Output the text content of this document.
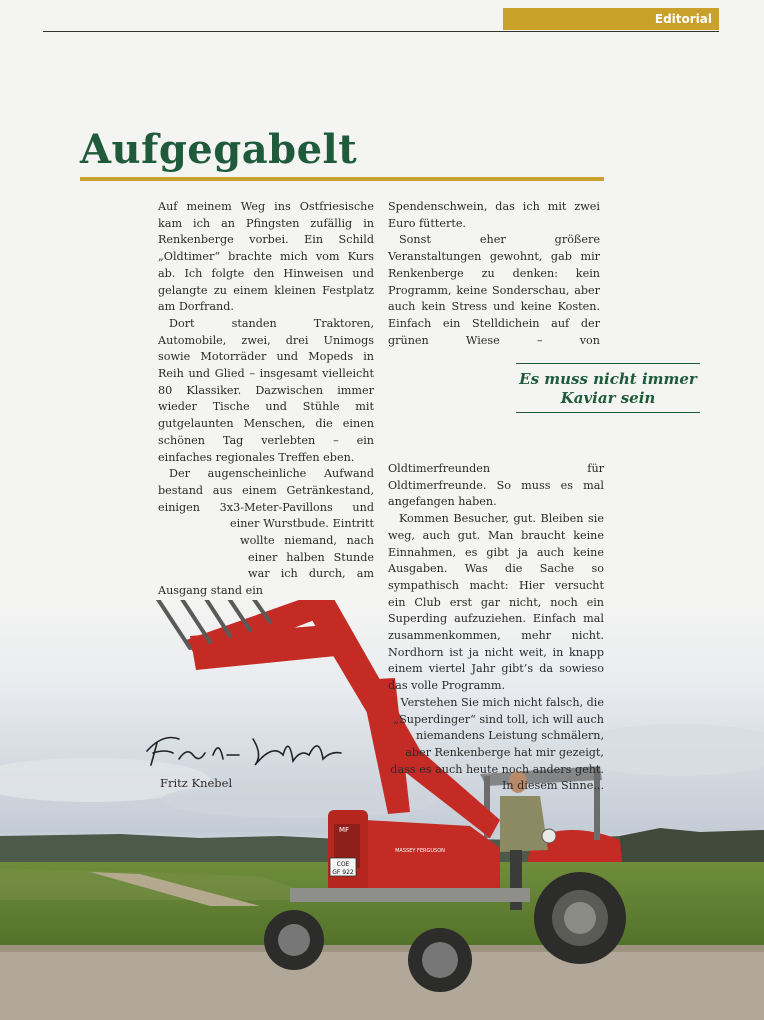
Editorial
Aufgegabelt
COE
GF 922
MF
MASSEY FERGUSON

Auf meinem Weg ins Ostfriesische kam ich an Pfingsten zufällig in Renkenberge vorbei. Ein Schild „Oldtimer“ brachte mich vom Kurs ab. Ich folgte den Hinweisen und gelangte zu einem kleinen Festplatz am Dorfrand.

Dort standen Traktoren, Automobile, zwei, drei Unimogs sowie Motorräder und Mopeds in Reih und Glied – insgesamt vielleicht 80 Klassiker. Dazwischen immer wieder Tische und Stühle mit gutgelaunten Menschen, die einen schönen Tag verlebten – ein einfaches regionales Treffen eben.

Der augenscheinliche Aufwand bestand aus einem Getränkestand, einigen 3x3-Meter-Pavillons und einer Wurstbude. Eintritt wollte niemand, nach einer halben Stunde war ich durch, am Ausgang stand ein

Spendenschwein, das ich mit zwei Euro fütterte.

Sonst eher größere Veranstaltungen gewohnt, gab mir Renkenberge zu denken: kein Programm, keine Sonderschau, aber auch kein Stress und keine Kosten. Einfach ein Stelldichein auf der grünen Wiese – von Oldtimerfreunden für Oldtimerfreunde. So muss es mal angefangen haben.

Kommen Besucher, gut. Bleiben sie weg, auch gut. Man braucht keine Einnahmen, es gibt ja auch keine Ausgaben. Was die Sache so sympathisch macht: Hier versucht ein Club erst gar nicht, noch ein Superding aufzuziehen. Einfach mal zusammenkommen, mehr nicht. Nordhorn ist ja nicht weit, in knapp einem viertel Jahr gibt’s da sowieso das volle Programm.

Verstehen Sie mich nicht falsch, die „Superdinger“ sind toll, ich will auch niemandens Leistung schmälern, aber Renkenberge hat mir gezeigt, dass es auch heute noch anders geht. In diesem Sinne...

Es muss nicht immer Kaviar sein
Fritz Knebel
